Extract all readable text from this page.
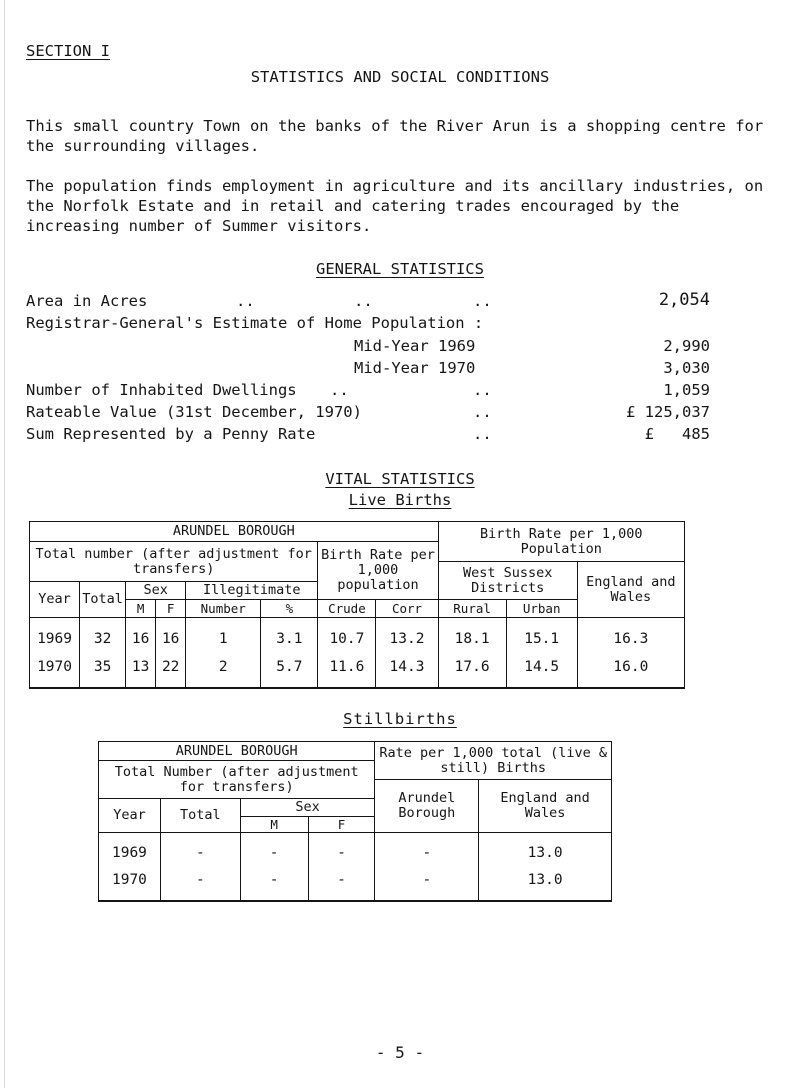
SECTION I
STATISTICS AND SOCIAL CONDITIONS
This small country Town on the banks of the River Arun is a shopping centre for the surrounding villages.
The population finds employment in agriculture and its ancillary industries, on the Norfolk Estate and in retail and catering trades encouraged by the increasing number of Summer visitors.
GENERAL STATISTICS
Area in Acres	..	..	..	2,054
Registrar-General's Estimate of Home Population :
Mid-Year 1969	2,990
Mid-Year 1970	3,030
Number of Inhabited Dwellings ..	..	1,059
Rateable Value (31st December, 1970)	..	£ 125,037
Sum Represented by a Penny Rate	..	£   485
VITAL STATISTICS
Live Births
ARUNDEL BOROUGH								Birth Rate per 1,000 Population		
Total number (after adjustment for transfers)						Birth Rate per 1,000 population				
								West Sussex Districts		England and Wales
Year	Total	Sex		Illegitimate						
		M	F	Number	%	Crude	Corr	Rural	Urban	
1969	32	16	16	1	3.1	10.7	13.2	18.1	15.1	16.3
1970	35	13	22	2	5.7	11.6	14.3	17.6	14.5	16.0
Stillbirths
ARUNDEL BOROUGH				Rate per 1,000 total (live & still) Births	
Total Number (after adjustment for transfers)					
				Arundel Borough	England and Wales
Year	Total	Sex			
		M	F		
1969	-	-	-	-	13.0
1970	-	-	-	-	13.0
- 5 -
